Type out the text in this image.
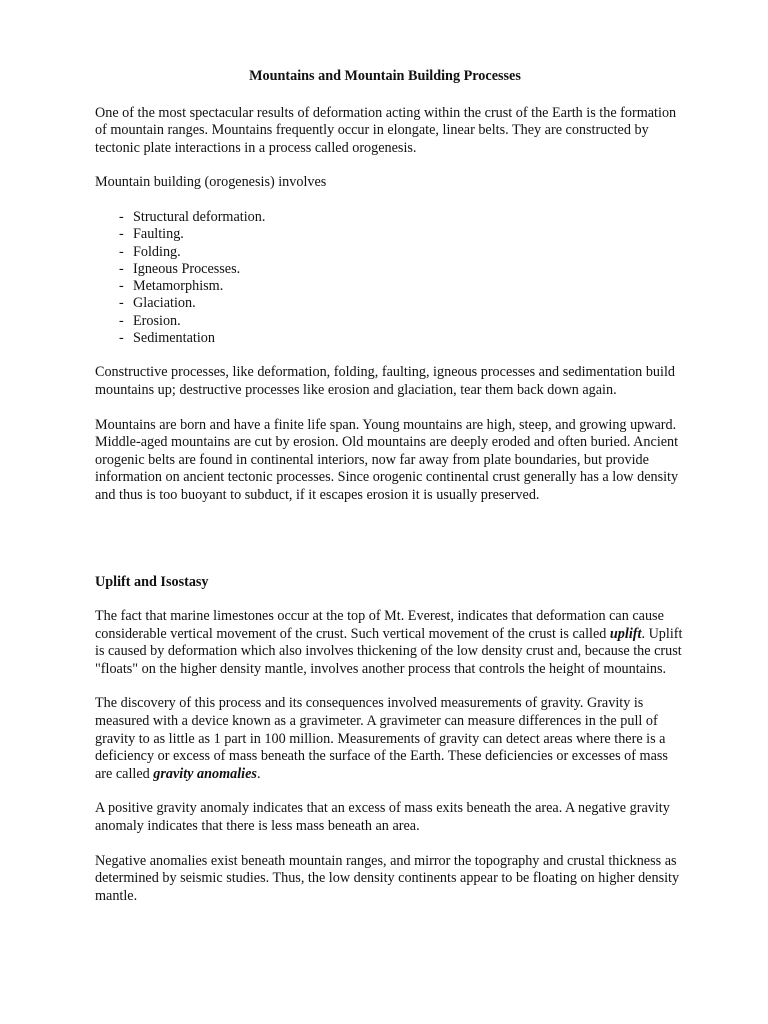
Mountains and Mountain Building Processes

One of the most spectacular results of deformation acting within the crust of the Earth is the formation of mountain ranges. Mountains frequently occur in elongate, linear belts. They are constructed by tectonic plate interactions in a process called orogenesis.

Mountain building (orogenesis) involves

- Structural deformation.
- Faulting.
- Folding.
- Igneous Processes.
- Metamorphism.
- Glaciation.
- Erosion.
- Sedimentation

Constructive processes, like deformation, folding, faulting, igneous processes and sedimentation build mountains up; destructive processes like erosion and glaciation, tear them back down again.

Mountains are born and have a finite life span. Young mountains are high, steep, and growing upward. Middle-aged mountains are cut by erosion. Old mountains are deeply eroded and often buried. Ancient orogenic belts are found in continental interiors, now far away from plate boundaries, but provide information on ancient tectonic processes. Since orogenic continental crust generally has a low density and thus is too buoyant to subduct, if it escapes erosion it is usually preserved.

Uplift and Isostasy

The fact that marine limestones occur at the top of Mt. Everest, indicates that deformation can cause considerable vertical movement of the crust. Such vertical movement of the crust is called uplift. Uplift is caused by deformation which also involves thickening of the low density crust and, because the crust "floats" on the higher density mantle, involves another process that controls the height of mountains.

The discovery of this process and its consequences involved measurements of gravity. Gravity is measured with a device known as a gravimeter. A gravimeter can measure differences in the pull of gravity to as little as 1 part in 100 million. Measurements of gravity can detect areas where there is a deficiency or excess of mass beneath the surface of the Earth. These deficiencies or excesses of mass are called gravity anomalies.

A positive gravity anomaly indicates that an excess of mass exits beneath the area. A negative gravity anomaly indicates that there is less mass beneath an area.

Negative anomalies exist beneath mountain ranges, and mirror the topography and crustal thickness as determined by seismic studies. Thus, the low density continents appear to be floating on higher density mantle.
